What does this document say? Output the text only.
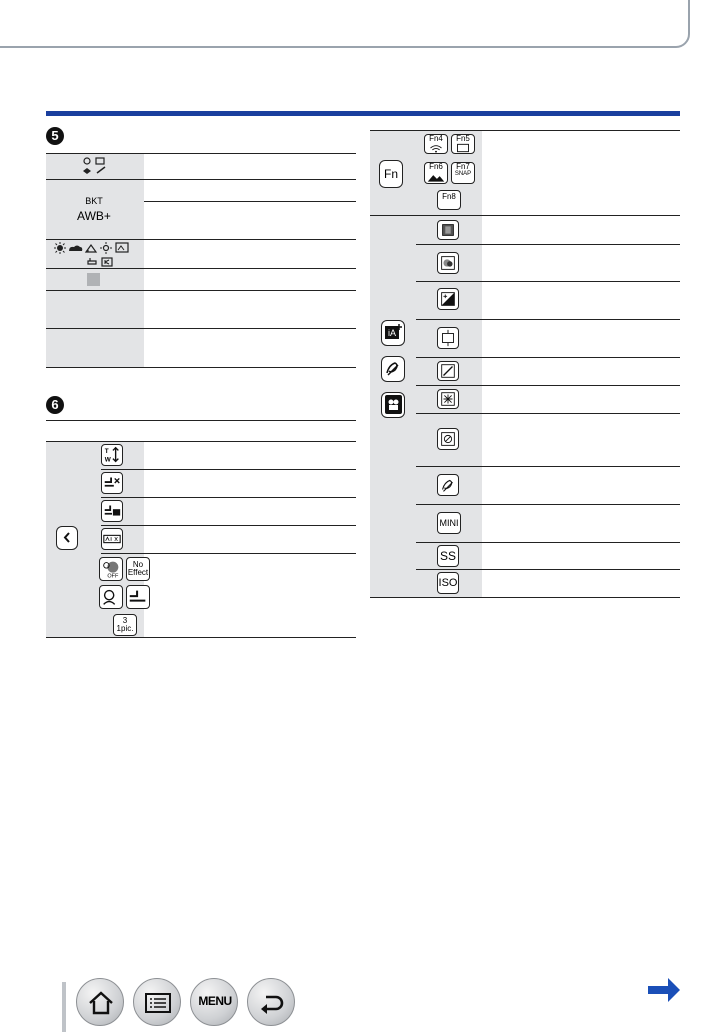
5
BKT
AWB+
6
T
W
OFF
No
Effect
3
1pic.
Fn
Fn4	Fn5
Fn6	Fn7
SNAP
Fn8
iA
MINI
SS
ISO
MENU
